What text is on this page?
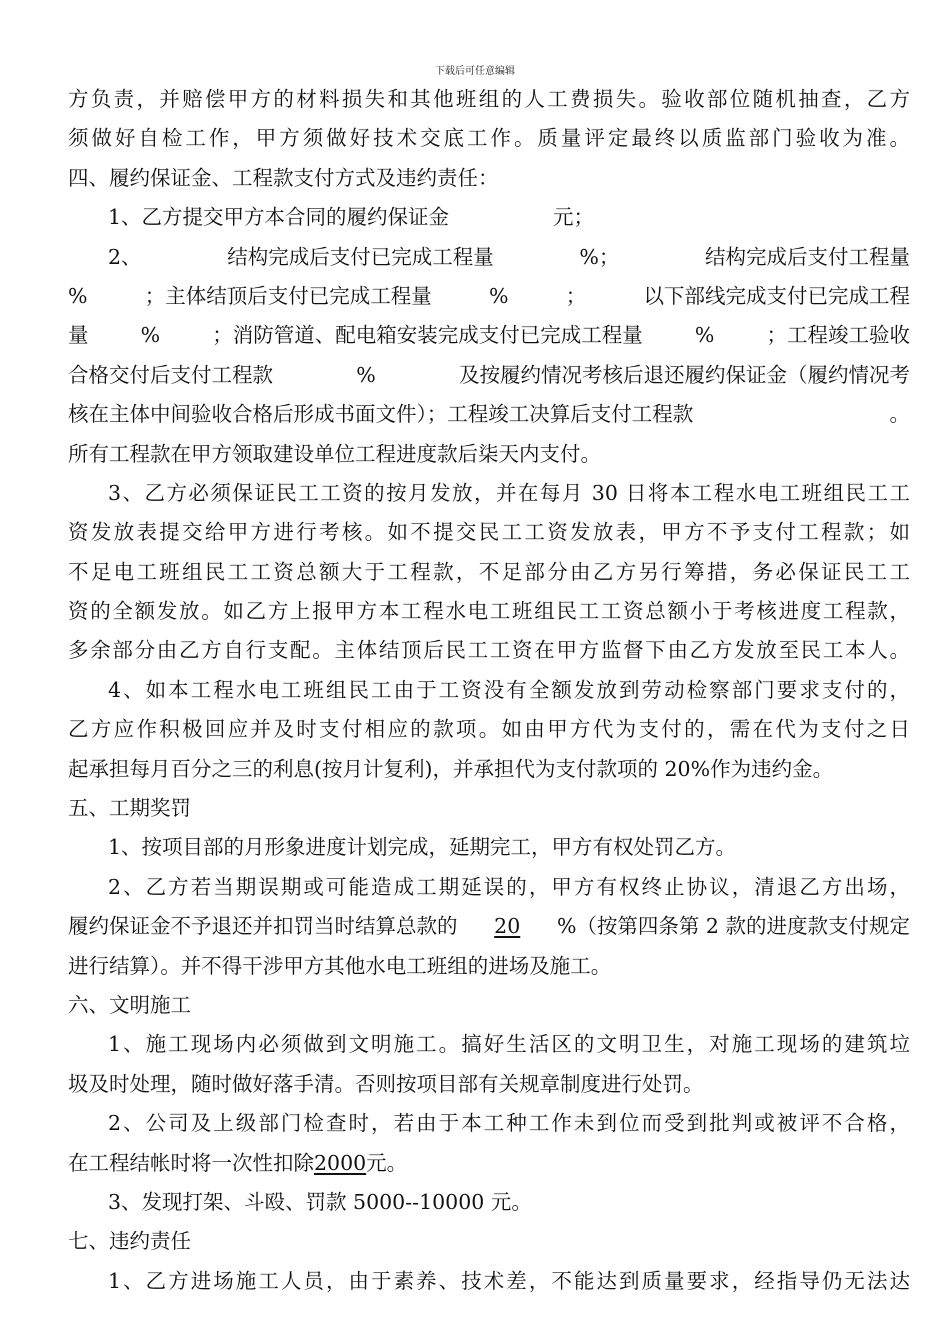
下载后可任意编辑
方负责，并赔偿甲方的材料损失和其他班组的人工费损失。验收部位随机抽查，乙方
须做好自检工作，甲方须做好技术交底工作。质量评定最终以质监部门验收为准。
四、履约保证金、工程款支付方式及违约责任：
1、乙方提交甲方本合同的履约保证金	元；
2、	结构完成后支付已完成工程量	%；	结构完成后支付工程量
%	；主体结顶后支付已完成工程量	%	；	以下部线完成支付已完成工程
量	%	；消防管道、配电箱安装完成支付已完成工程量	%	；工程竣工验收
合格交付后支付工程款	%	及按履约情况考核后退还履约保证金（履约情况考
核在主体中间验收合格后形成书面文件）；工程竣工决算后支付工程款	。
所有工程款在甲方领取建设单位工程进度款后柒天内支付。
3、乙方必须保证民工工资的按月发放，并在每月 30 日将本工程水电工班组民工工
资发放表提交给甲方进行考核。如不提交民工工资发放表，甲方不予支付工程款；如
不足电工班组民工工资总额大于工程款，不足部分由乙方另行筹措，务必保证民工工
资的全额发放。如乙方上报甲方本工程水电工班组民工工资总额小于考核进度工程款，
多余部分由乙方自行支配。主体结顶后民工工资在甲方监督下由乙方发放至民工本人。
4、如本工程水电工班组民工由于工资没有全额发放到劳动检察部门要求支付的，
乙方应作积极回应并及时支付相应的款项。如由甲方代为支付的，需在代为支付之日
起承担每月百分之三的利息(按月计复利)，并承担代为支付款项的 20%作为违约金。
五、工期奖罚
1、按项目部的月形象进度计划完成，延期完工，甲方有权处罚乙方。
2、乙方若当期误期或可能造成工期延误的，甲方有权终止协议，清退乙方出场，
履约保证金不予退还并扣罚当时结算总款的 20 %（按第四条第 2 款的进度款支付规定
进行结算）。并不得干涉甲方其他水电工班组的进场及施工。
六、文明施工
1、施工现场内必须做到文明施工。搞好生活区的文明卫生，对施工现场的建筑垃
圾及时处理，随时做好落手清。否则按项目部有关规章制度进行处罚。
2、公司及上级部门检查时，若由于本工种工作未到位而受到批判或被评不合格，
在工程结帐时将一次性扣除 2000 元。
3、发现打架、斗殴、罚款 5000--10000 元。
七、违约责任
1、乙方进场施工人员，由于素养、技术差，不能达到质量要求，经指导仍无法达
